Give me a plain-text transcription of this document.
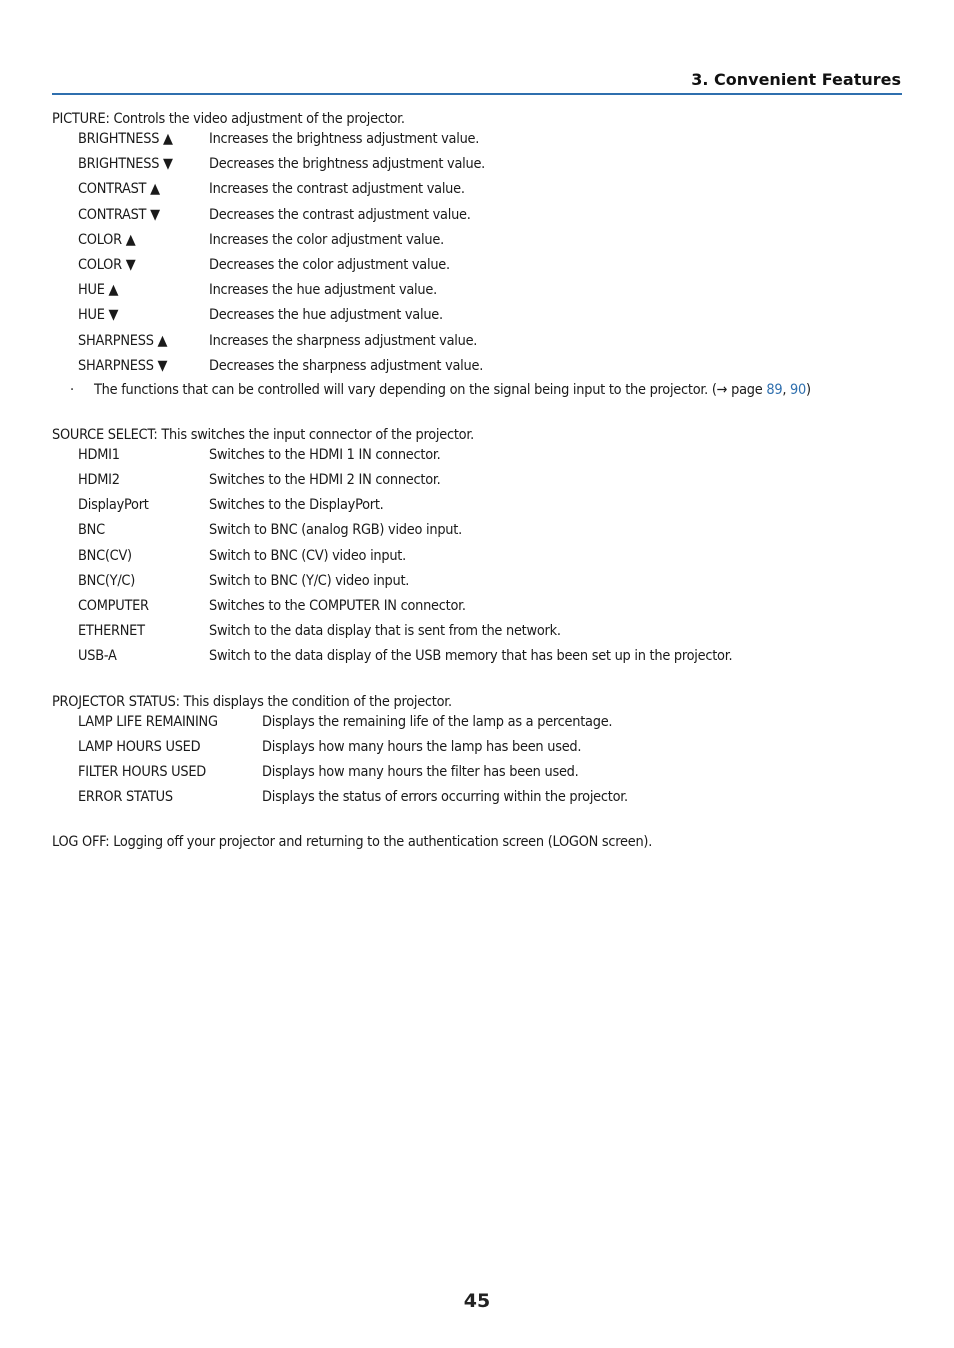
3. Convenient Features
PICTURE: Controls the video adjustment of the projector.
BRIGHTNESS ▲	Increases the brightness adjustment value.
BRIGHTNESS ▼	Decreases the brightness adjustment value.
CONTRAST ▲	Increases the contrast adjustment value.
CONTRAST ▼	Decreases the contrast adjustment value.
COLOR ▲	Increases the color adjustment value.
COLOR ▼	Decreases the color adjustment value.
HUE ▲	Increases the hue adjustment value.
HUE ▼	Decreases the hue adjustment value.
SHARPNESS ▲	Increases the sharpness adjustment value.
SHARPNESS ▼	Decreases the sharpness adjustment value.
·	The functions that can be controlled will vary depending on the signal being input to the projector. (→ page 89, 90)
SOURCE SELECT: This switches the input connector of the projector.
HDMI1	Switches to the HDMI 1 IN connector.
HDMI2	Switches to the HDMI 2 IN connector.
DisplayPort	Switches to the DisplayPort.
BNC	Switch to BNC (analog RGB) video input.
BNC(CV)	Switch to BNC (CV) video input.
BNC(Y/C)	Switch to BNC (Y/C) video input.
COMPUTER	Switches to the COMPUTER IN connector.
ETHERNET	Switch to the data display that is sent from the network.
USB-A	Switch to the data display of the USB memory that has been set up in the projector.
PROJECTOR STATUS: This displays the condition of the projector.
LAMP LIFE REMAINING	Displays the remaining life of the lamp as a percentage.
LAMP HOURS USED	Displays how many hours the lamp has been used.
FILTER HOURS USED	Displays how many hours the filter has been used.
ERROR STATUS	Displays the status of errors occurring within the projector.
LOG OFF: Logging off your projector and returning to the authentication screen (LOGON screen).
45
